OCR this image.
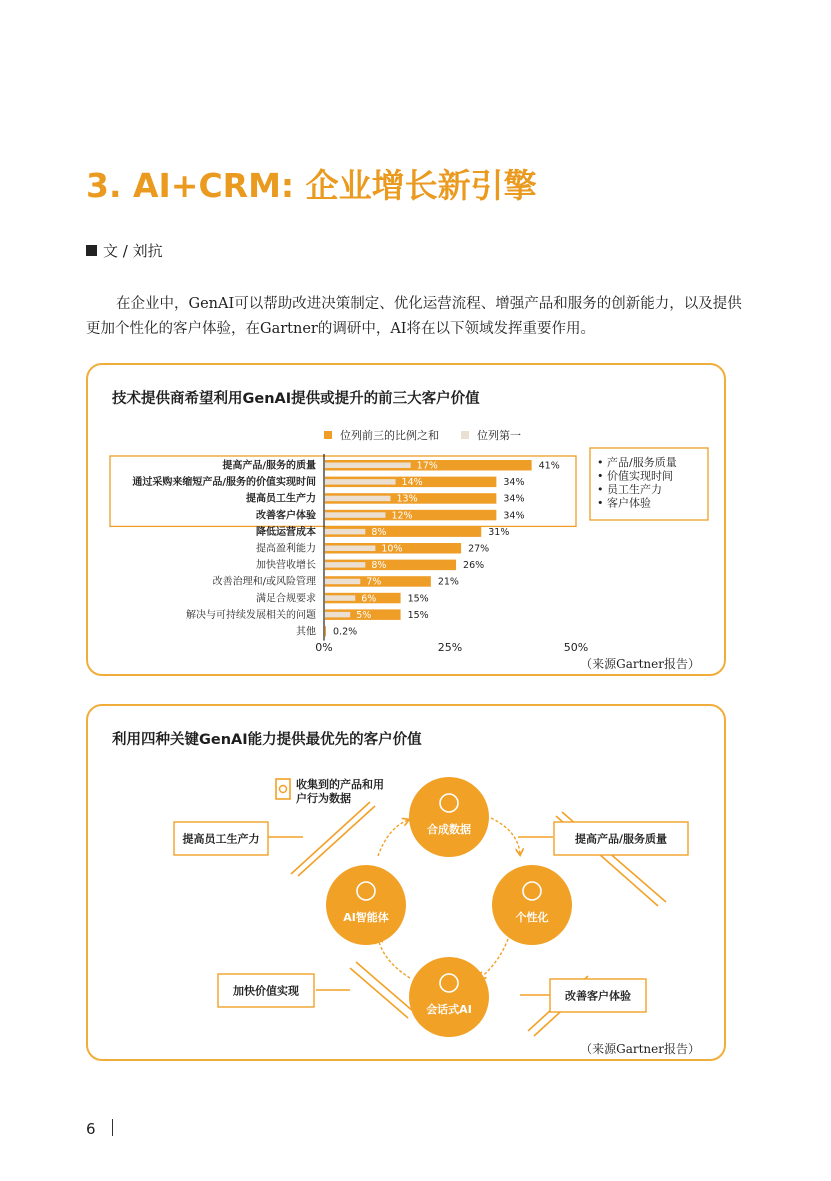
3. AI+CRM: 企业增长新引擎
文 / 刘抗
在企业中，GenAI可以帮助改进决策制定、优化运营流程、增强产品和服务的创新能力，以及提供更加个性化的客户体验，在Gartner的调研中，AI将在以下领域发挥重要作用。
技术提供商希望利用GenAI提供或提升的前三大客户价值
位列前三的比例之和	位列第一
• 产品/服务质量
• 价值实现时间
• 员工生产力
• 客户体验
提高产品/服务的质量	17%	41%
通过采购来缩短产品/服务的价值实现时间	14%	34%
提高员工生产力	13%	34%
改善客户体验	12%	34%
降低运营成本	8%	31%
提高盈利能力	10%	27%
加快营收增长	8%	26%
改善治理和/或风险管理	7%	21%
满足合规要求	6%	15%
解决与可持续发展相关的问题	5%	15%
其他 0.2%
0%	25%	50%
（来源Gartner报告）
利用四种关键GenAI能力提供最优先的客户价值
合成数据
个性化
会话式AI
AI智能体
收集到的产品和用
户行为数据
提高员工生产力	提高产品/服务质量
加快价值实现	改善客户体验
（来源Gartner报告）
6
